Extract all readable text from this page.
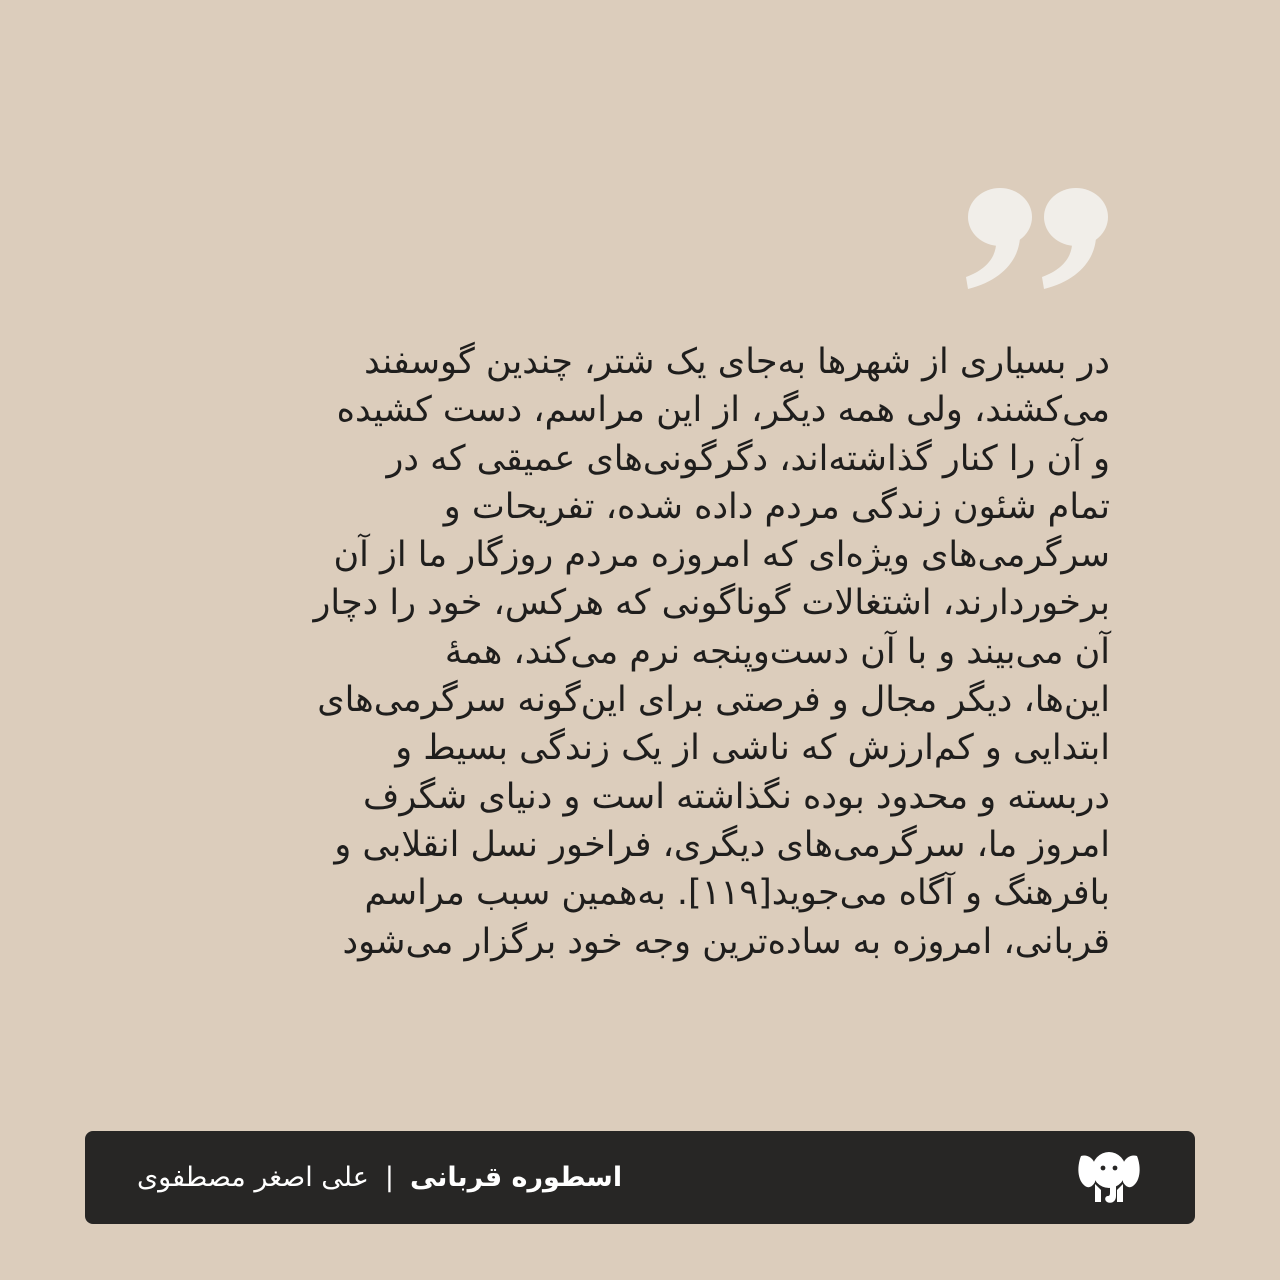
در بسیاری از شهرها به‌جای یک شتر، چندین گوسفند
می‌کشند، ولی همه دیگر، از این مراسم، دست کشیده
و آن را کنار گذاشته‌اند، دگرگونی‌های عمیقی که در
تمام شئون زندگی مردم داده شده، تفریحات و
سرگرمی‌های ویژه‌ای که امروزه مردم روزگار ما از آن
برخوردارند، اشتغالات گوناگونی که هرکس، خود را دچار
آن می‌بیند و با آن دست‌وپنجه نرم می‌کند، همهٔ
این‌ها، دیگر مجال و فرصتی برای این‌گونه سرگرمی‌های
ابتدایی و کم‌ارزش که ناشی از یک زندگی بسیط و
دربسته و محدود بوده نگذاشته است و دنیای شگرف
امروز ما، سرگرمی‌های دیگری، فراخور نسل انقلابی و
بافرهنگ و آگاه می‌جوید[۱۱۹]. به‌همین سبب مراسم
قربانی، امروزه به ساده‌ترین وجه خود برگزار می‌شود
اسطوره قربانی
|
علی اصغر مصطفوی
